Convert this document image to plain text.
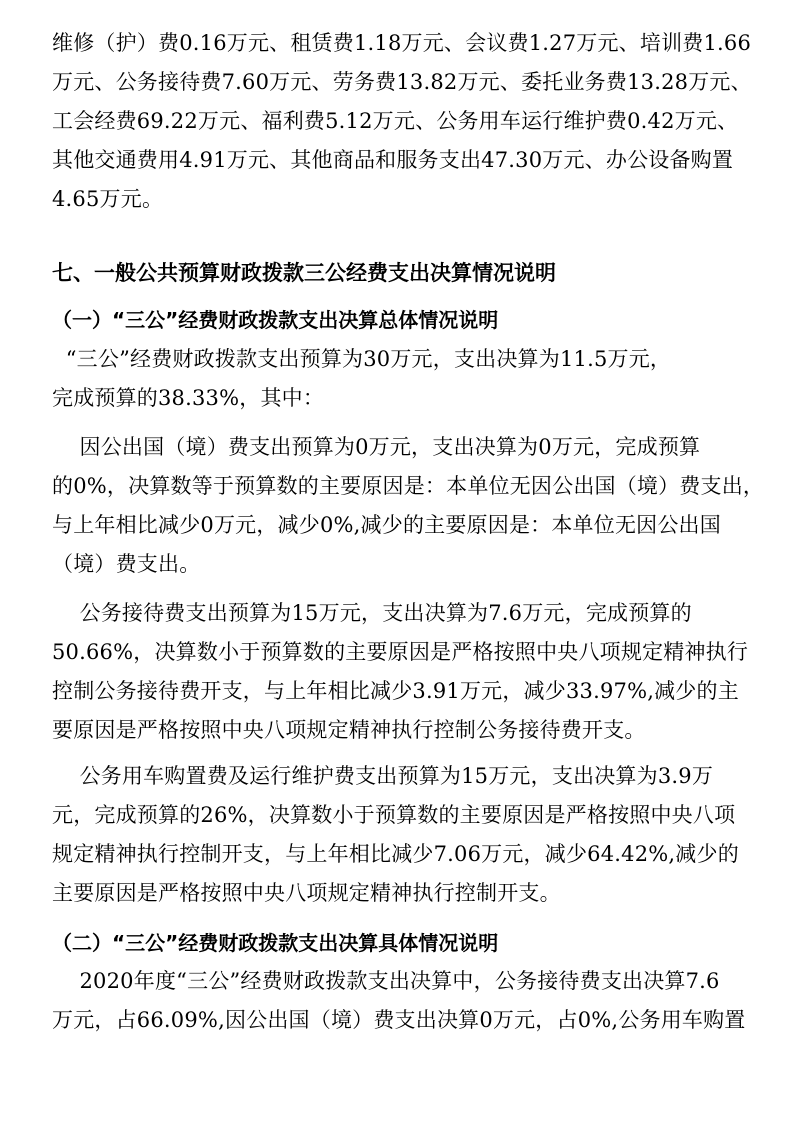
维修（护）费0.16万元、租赁费1.18万元、会议费1.27万元、培训费1.66
万元、公务接待费7.60万元、劳务费13.82万元、委托业务费13.28万元、
工会经费69.22万元、福利费5.12万元、公务用车运行维护费0.42万元、
其他交通费用4.91万元、其他商品和服务支出47.30万元、办公设备购置
4.65万元。
七、一般公共预算财政拨款三公经费支出决算情况说明
（一）“三公”经费财政拨款支出决算总体情况说明
“三公”经费财政拨款支出预算为30万元，支出决算为11.5万元，
完成预算的38.33%，其中：
因公出国（境）费支出预算为0万元，支出决算为0万元，完成预算
的0%，决算数等于预算数的主要原因是：本单位无因公出国（境）费支出，
与上年相比减少0万元，减少0%,减少的主要原因是：本单位无因公出国
（境）费支出。
公务接待费支出预算为15万元，支出决算为7.6万元，完成预算的
50.66%，决算数小于预算数的主要原因是严格按照中央八项规定精神执行
控制公务接待费开支，与上年相比减少3.91万元，减少33.97%,减少的主
要原因是严格按照中央八项规定精神执行控制公务接待费开支。
公务用车购置费及运行维护费支出预算为15万元，支出决算为3.9万
元，完成预算的26%，决算数小于预算数的主要原因是严格按照中央八项
规定精神执行控制开支，与上年相比减少7.06万元，减少64.42%,减少的
主要原因是严格按照中央八项规定精神执行控制开支。
（二）“三公”经费财政拨款支出决算具体情况说明
2020年度“三公”经费财政拨款支出决算中，公务接待费支出决算7.6
万元，占66.09%,因公出国（境）费支出决算0万元，占0%,公务用车购置
